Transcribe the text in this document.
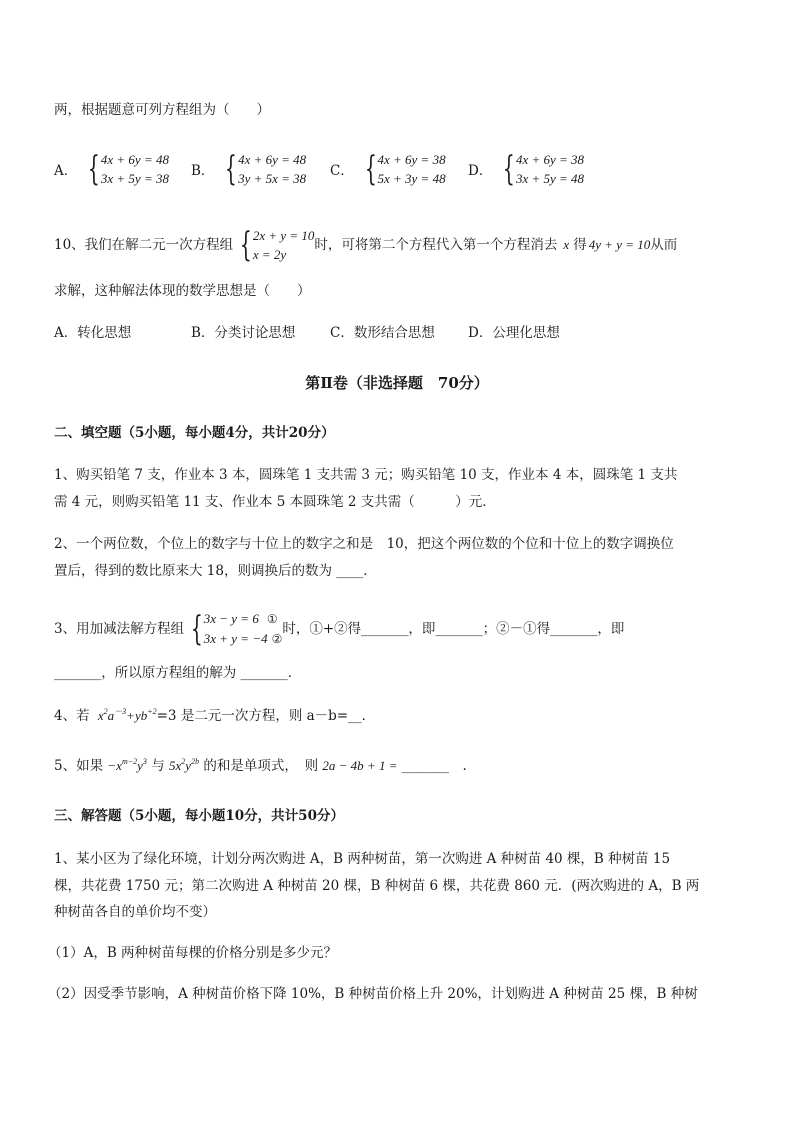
两，根据题意可列方程组为（　　）
A． { 4x + 6y = 48
3x + 5y = 38 B． { 4x + 6y = 48
3y + 5x = 38 C． { 4x + 6y = 38
5x + 3y = 48 D． { 4x + 6y = 38
3x + 5y = 48
10、我们在解二元一次方程组 { 2x + y = 10
x = 2y
时，可将第二个方程代入第一个方程消去 x 得 4y + y = 10 从而
求解，这种解法体现的数学思想是（　　）
A．转化思想	B．分类讨论思想	C．数形结合思想 D．公理化思想
第Ⅱ卷（非选择题　70分）
二、填空题（5小题，每小题4分，共计20分）
1、购买铅笔 7 支，作业本 3 本，圆珠笔 1 支共需 3 元；购买铅笔 10 支，作业本 4 本，圆珠笔 1 支共
需 4 元，则购买铅笔 11 支、作业本 5 本圆珠笔 2 支共需（　　　）元．
2、一个两位数，个位上的数字与十位上的数字之和是　10，把这个两位数的个位和十位上的数字调换位
置后，得到的数比原来大 18，则调换后的数为 ____．
3、用加减法解方程组 { 3x − y = 6 ①
3x + y = −4 ②
时，①+②得_______，即_______；②－①得_______，即
_______，所以原方程组的解为 _______．
4、若 $x^2a^{-3}+yb^{+2}=3$ 是二元一次方程，则 a－b=__．
5、如果 $-x^{m-2}y^3$ 与 $5x^2y^{2b}$ 的和是单项式，　则 2a − 4b + 1 = _______　.
三、解答题（5小题，每小题10分，共计50分）
1、某小区为了绿化环境，计划分两次购进 A，B 两种树苗，第一次购进 A 种树苗 40 棵，B 种树苗 15
棵，共花费 1750 元；第二次购进 A 种树苗 20 棵，B 种树苗 6 棵，共花费 860 元．(两次购进的 A，B 两
种树苗各自的单价均不变）
（1）A，B 两种树苗每棵的价格分别是多少元？
（2）因受季节影响，A 种树苗价格下降 10%，B 种树苗价格上升 20%，计划购进 A 种树苗 25 棵，B 种树
